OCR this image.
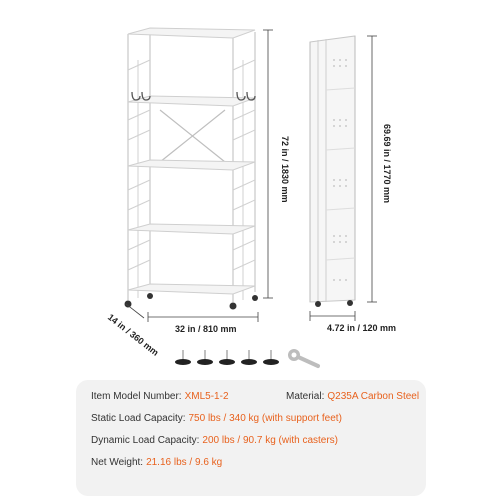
72 in / 1830 mm
32 in / 810 mm
14 in / 360 mm
69.69 in / 1770 mm
4.72 in / 120 mm
Item Model Number: XML5-1-2	Material: Q235A Carbon Steel
Static Load Capacity: 750 lbs / 340 kg (with support feet)
Dynamic Load Capacity: 200 lbs / 90.7 kg (with casters)
Net Weight: 21.16 lbs / 9.6 kg
